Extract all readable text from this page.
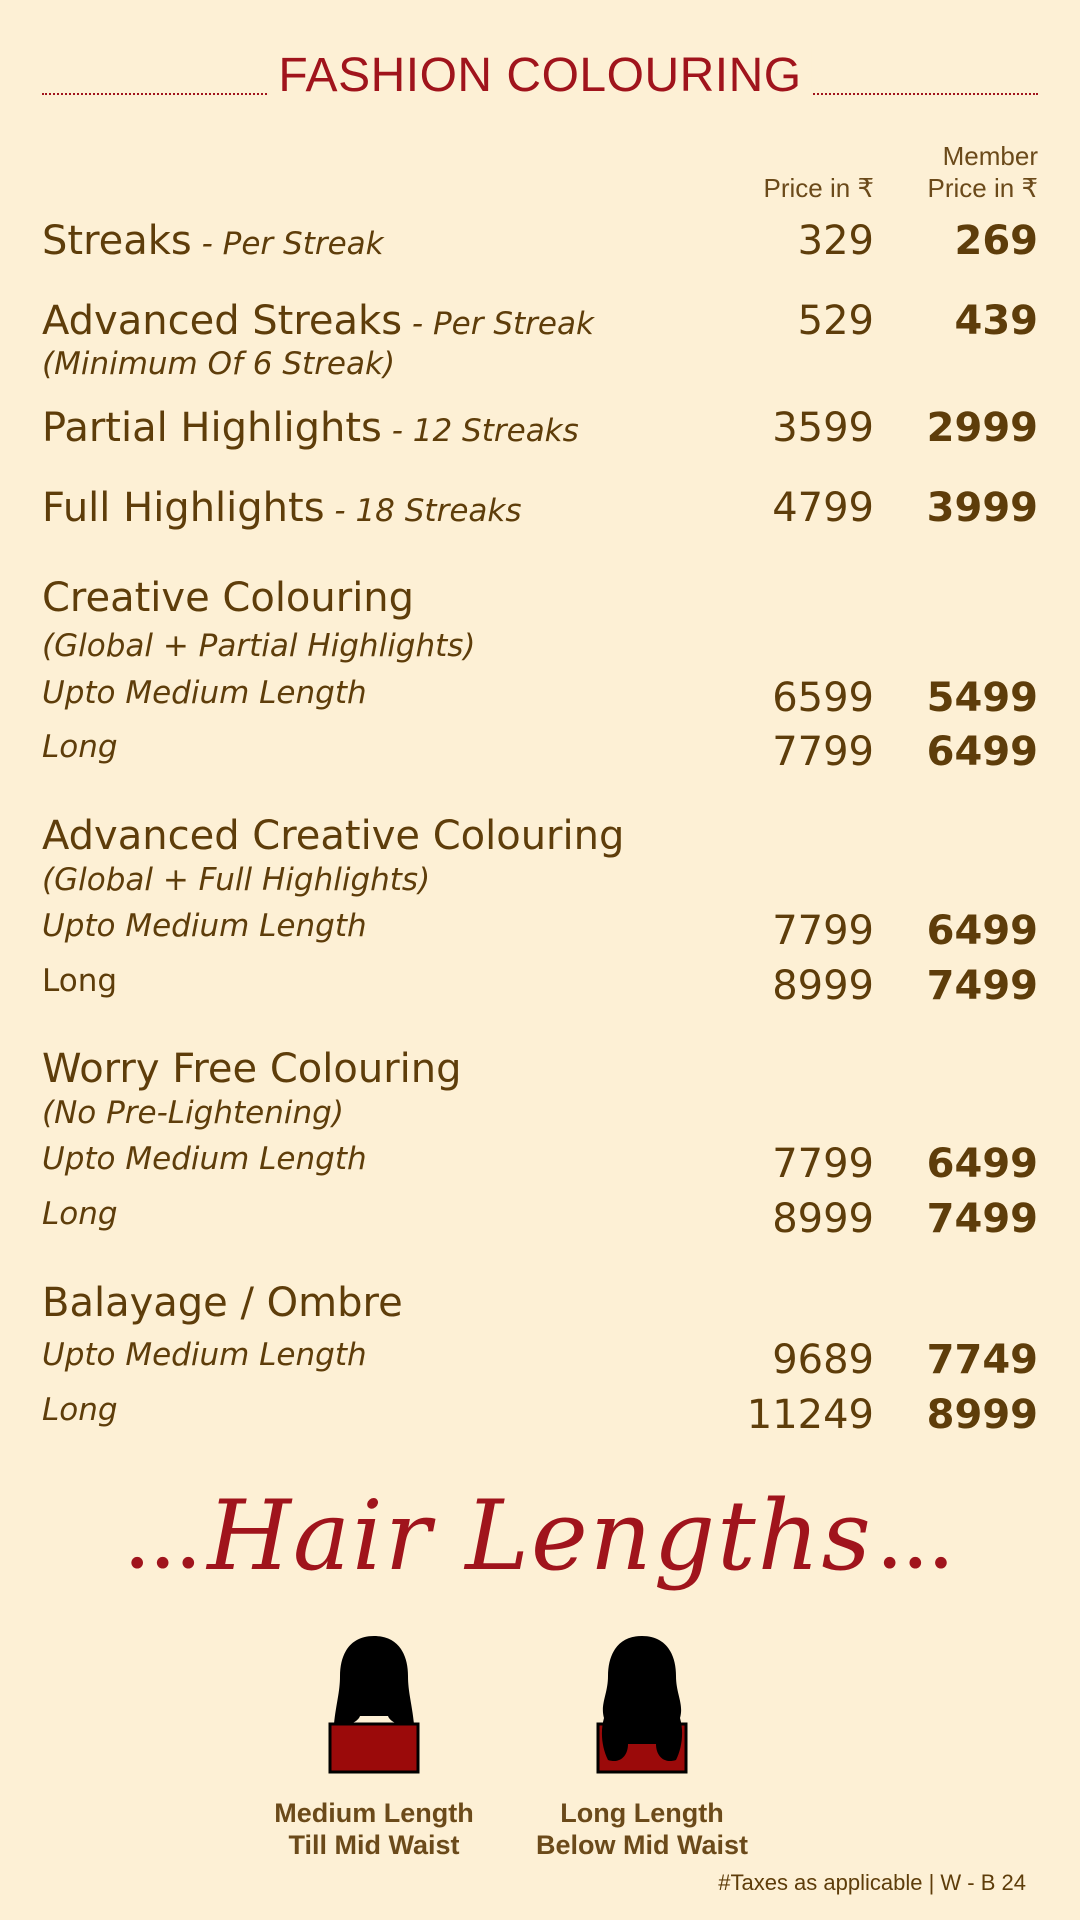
FASHION COLOURING
Price in ₹
Member
Price in ₹
Streaks - Per Streak	329 269
Advanced Streaks - Per Streak
(Minimum Of 6 Streak)
529 439
Partial Highlights - 12 Streaks	3599 2999
Full Highlights - 18 Streaks	4799 3999
Creative Colouring
(Global + Partial Highlights)
Upto Medium Length	6599 5499
Long	7799 6499
Advanced Creative Colouring
(Global + Full Highlights)
Upto Medium Length	7799 6499
Long	8999 7499
Worry Free Colouring
(No Pre-Lightening)
Upto Medium Length	7799 6499
Long	8999 7499
Balayage / Ombre
Upto Medium Length	9689 7749
Long	11249 8999
••• Hair Lengths •••
Medium Length
Till Mid Waist
Long Length
Below Mid Waist
#Taxes as applicable | W - B 24
